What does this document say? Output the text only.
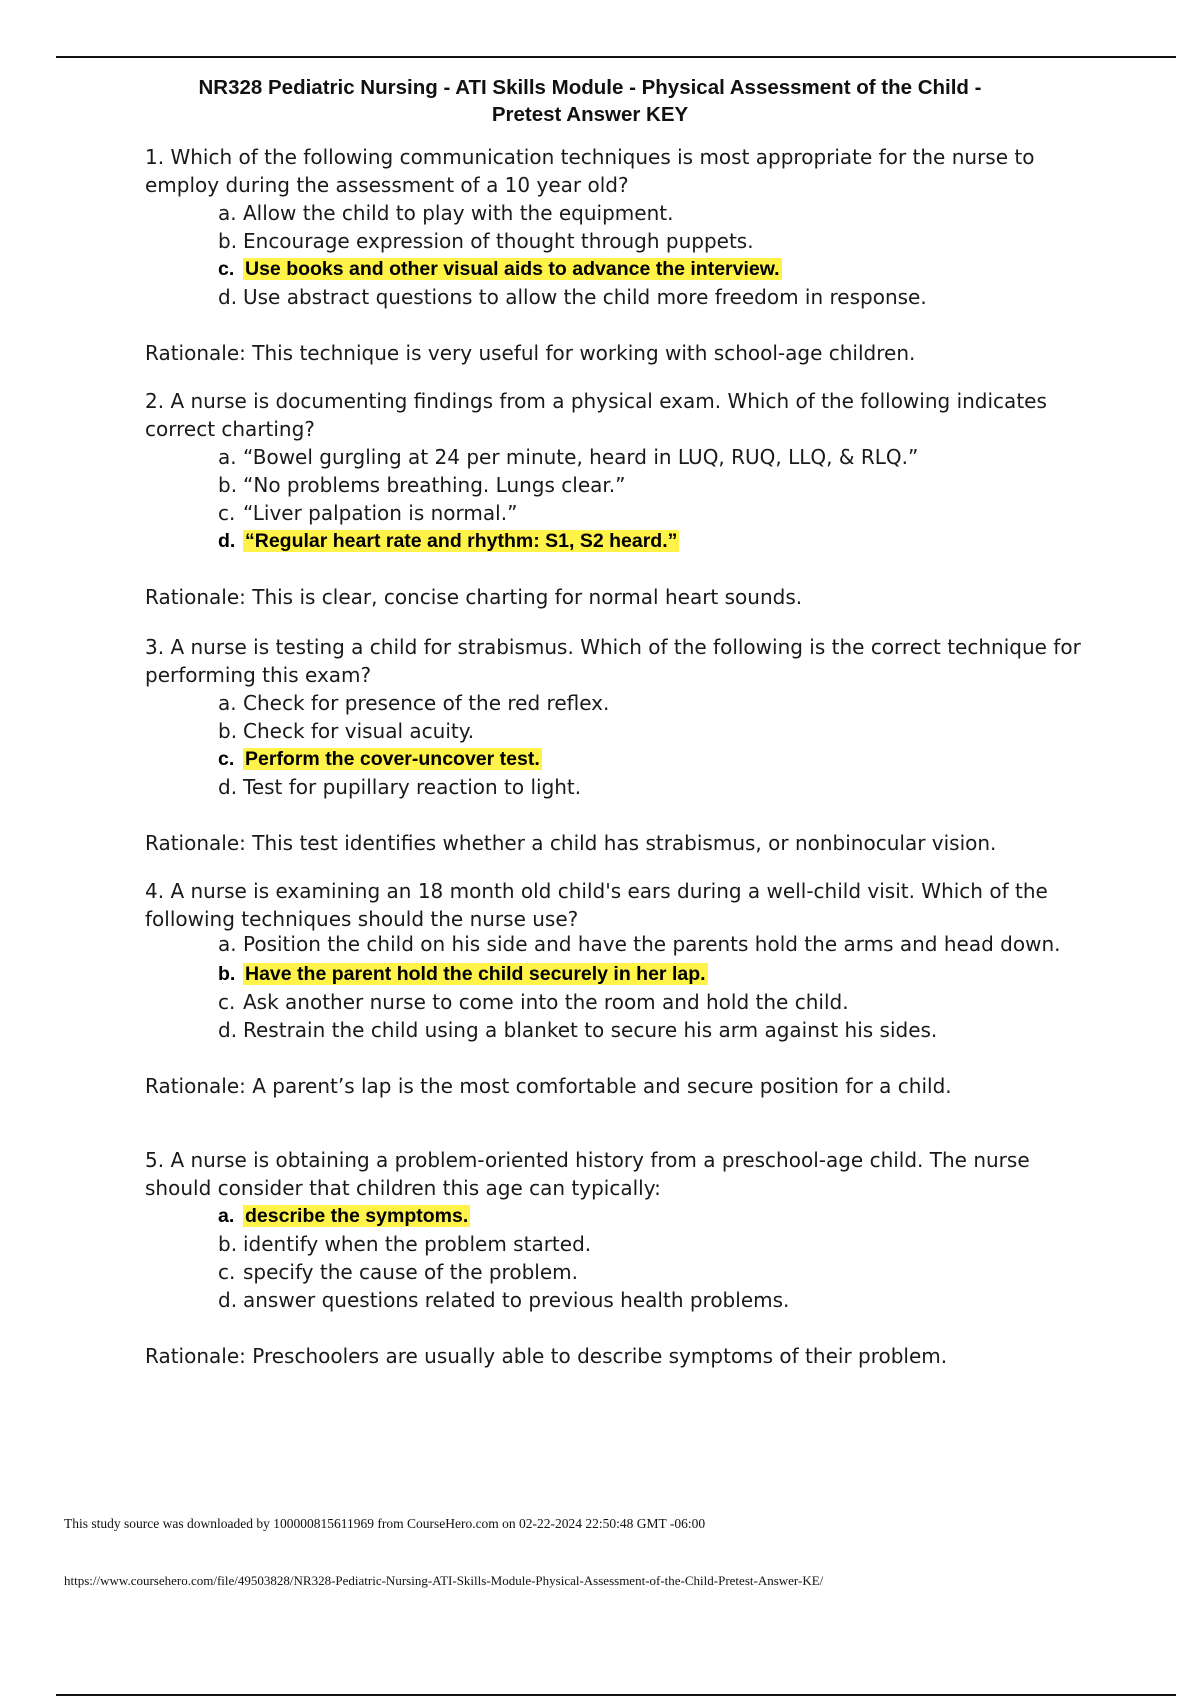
NR328 Pediatric Nursing - ATI Skills Module - Physical Assessment of the Child -
Pretest Answer KEY

1. Which of the following communication techniques is most appropriate for the nurse to employ during the assessment of a 10 year old?

a. Allow the child to play with the equipment.
b. Encourage expression of thought through puppets.
c. Use books and other visual aids to advance the interview.
d. Use abstract questions to allow the child more freedom in response.
Rationale: This technique is very useful for working with school-age children.

2. A nurse is documenting findings from a physical exam. Which of the following indicates correct charting?

a. “Bowel gurgling at 24 per minute, heard in LUQ, RUQ, LLQ, & RLQ.”
b. “No problems breathing. Lungs clear.”
c. “Liver palpation is normal.”
d. “Regular heart rate and rhythm: S1, S2 heard.”
Rationale: This is clear, concise charting for normal heart sounds.

3. A nurse is testing a child for strabismus. Which of the following is the correct technique for performing this exam?

a. Check for presence of the red reflex.
b. Check for visual acuity.
c. Perform the cover-uncover test.
d. Test for pupillary reaction to light.
Rationale: This test identifies whether a child has strabismus, or nonbinocular vision.

4. A nurse is examining an 18 month old child's ears during a well-child visit. Which of the following techniques should the nurse use?

a. Position the child on his side and have the parents hold the arms and head down.
b. Have the parent hold the child securely in her lap.
c. Ask another nurse to come into the room and hold the child.
d. Restrain the child using a blanket to secure his arm against his sides.
Rationale: A parent’s lap is the most comfortable and secure position for a child.

5. A nurse is obtaining a problem-oriented history from a preschool-age child. The nurse should consider that children this age can typically:

a. describe the symptoms.
b. identify when the problem started.
c. specify the cause of the problem.
d. answer questions related to previous health problems.
Rationale: Preschoolers are usually able to describe symptoms of their problem.
This study source was downloaded by 100000815611969 from CourseHero.com on 02-22-2024 22:50:48 GMT -06:00
https://www.coursehero.com/file/49503828/NR328-Pediatric-Nursing-ATI-Skills-Module-Physical-Assessment-of-the-Child-Pretest-Answer-KE/
